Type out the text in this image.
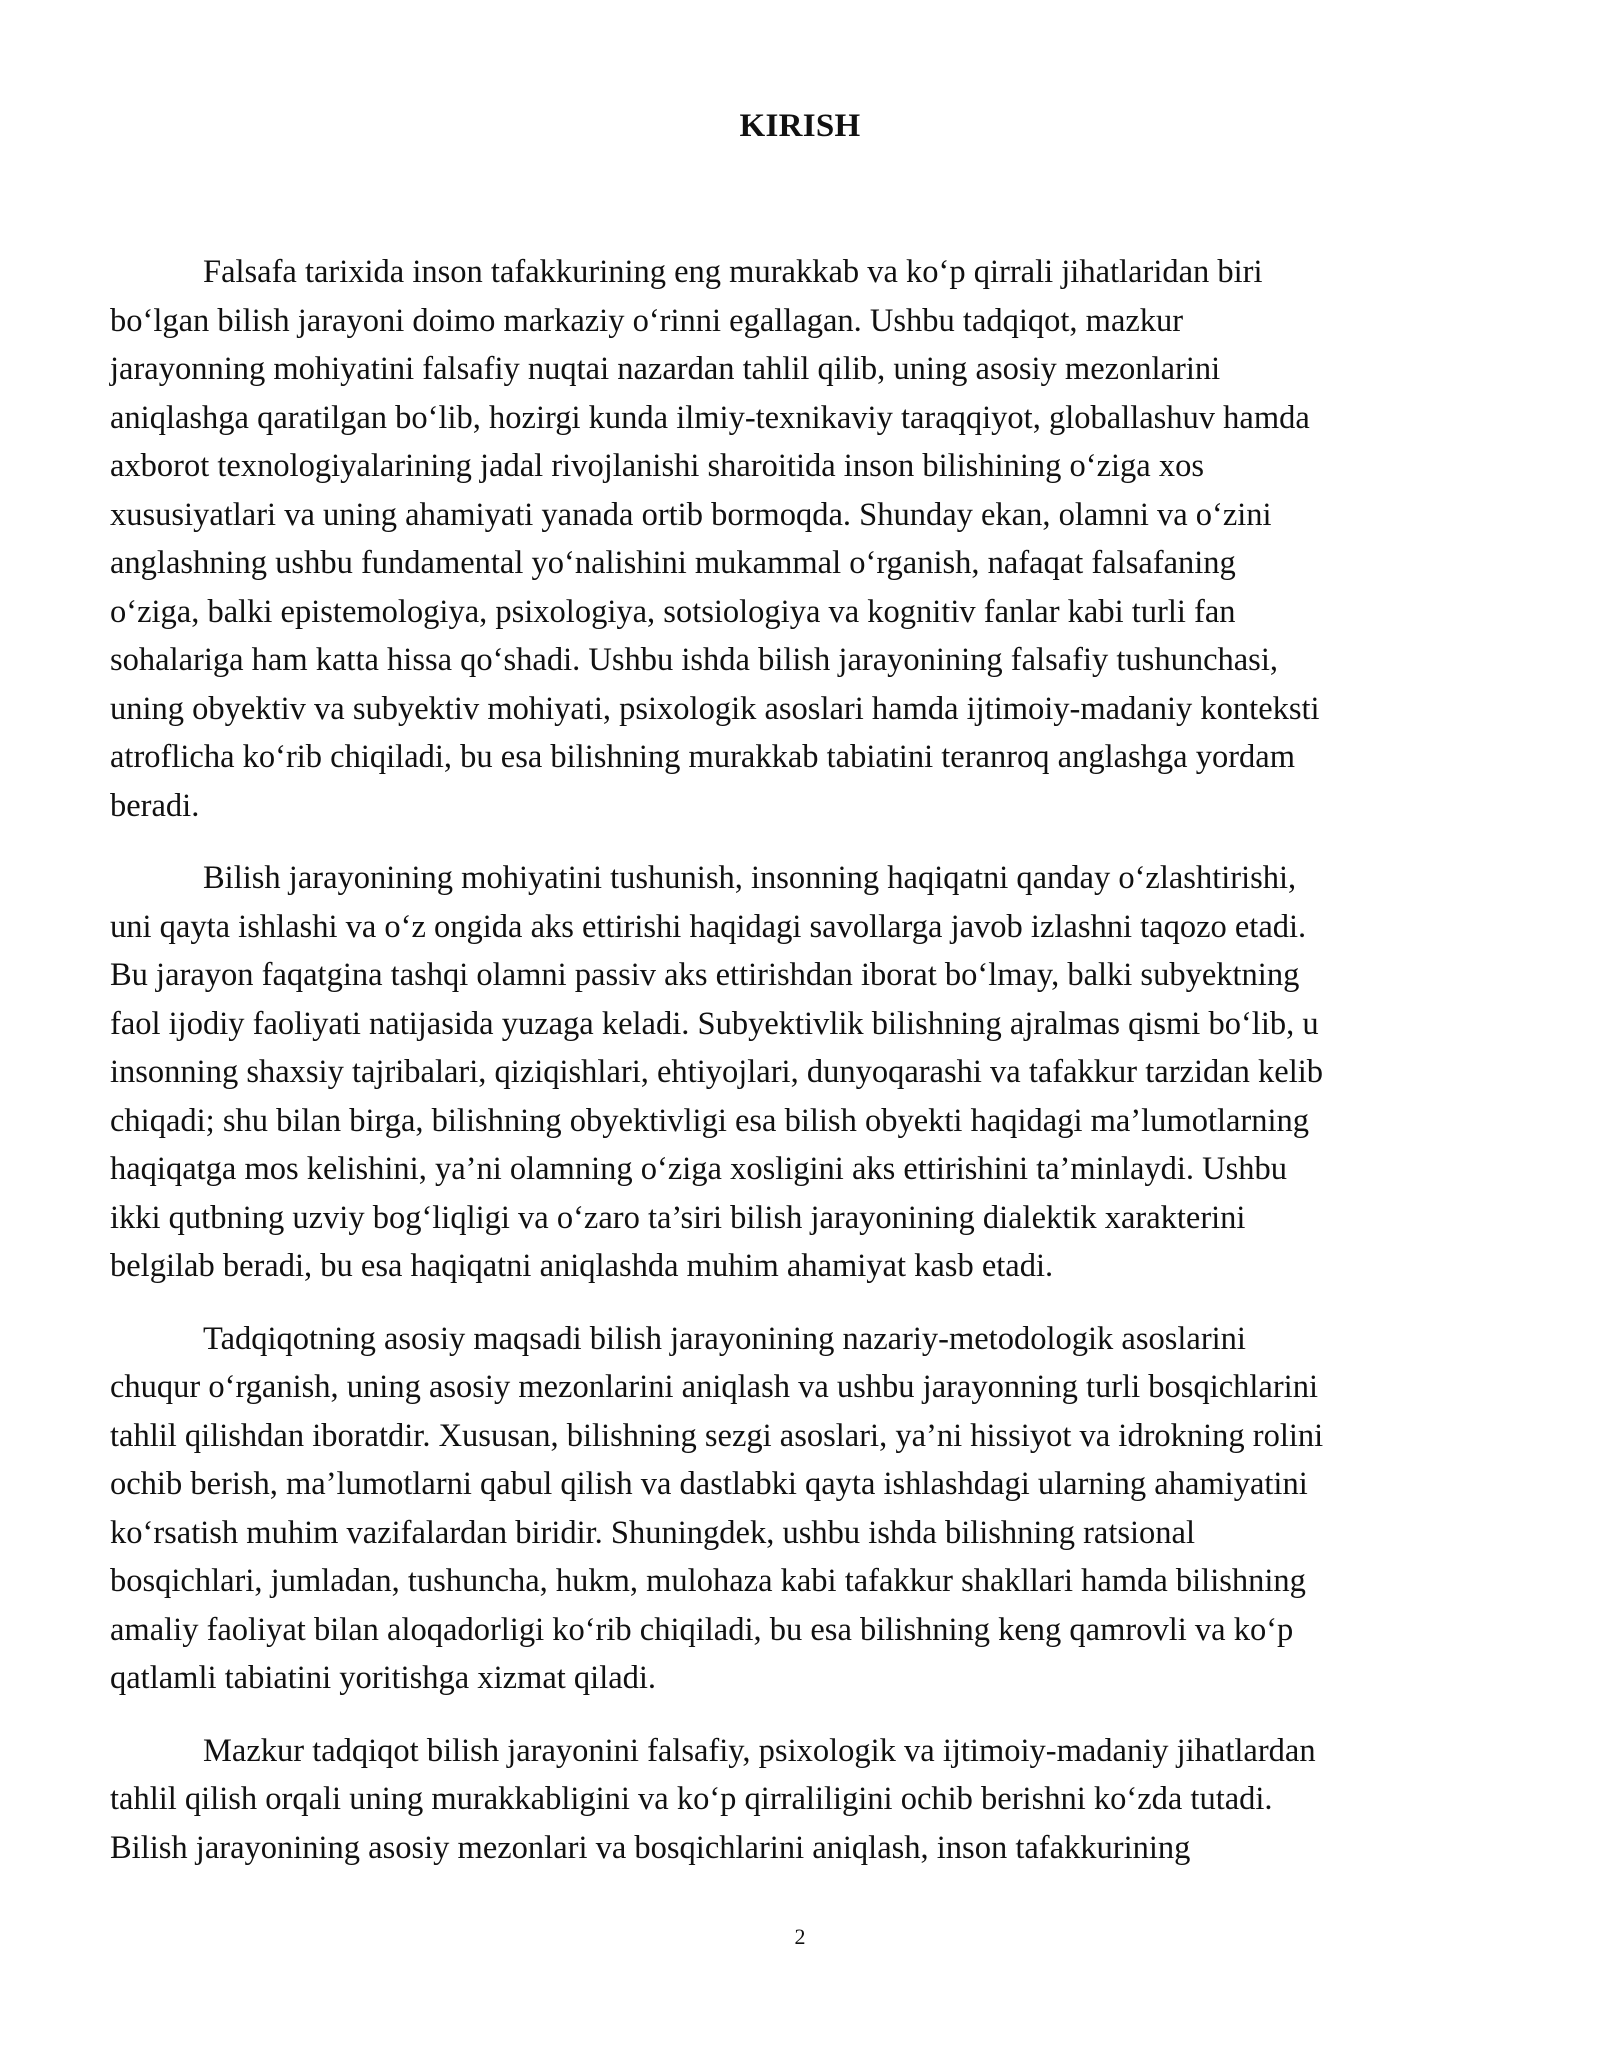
KIRISH

Falsafa tarixida inson tafakkurining eng murakkab va ko‘p qirrali jihatlaridan biri
bo‘lgan bilish jarayoni doimo markaziy o‘rinni egallagan. Ushbu tadqiqot, mazkur
jarayonning mohiyatini falsafiy nuqtai nazardan tahlil qilib, uning asosiy mezonlarini
aniqlashga qaratilgan bo‘lib, hozirgi kunda ilmiy-texnikaviy taraqqiyot, globallashuv hamda
axborot texnologiyalarining jadal rivojlanishi sharoitida inson bilishining o‘ziga xos
xususiyatlari va uning ahamiyati yanada ortib bormoqda. Shunday ekan, olamni va o‘zini
anglashning ushbu fundamental yo‘nalishini mukammal o‘rganish, nafaqat falsafaning
o‘ziga, balki epistemologiya, psixologiya, sotsiologiya va kognitiv fanlar kabi turli fan
sohalariga ham katta hissa qo‘shadi. Ushbu ishda bilish jarayonining falsafiy tushunchasi,
uning obyektiv va subyektiv mohiyati, psixologik asoslari hamda ijtimoiy-madaniy konteksti
atroflicha ko‘rib chiqiladi, bu esa bilishning murakkab tabiatini teranroq anglashga yordam
beradi.

Bilish jarayonining mohiyatini tushunish, insonning haqiqatni qanday o‘zlashtirishi,
uni qayta ishlashi va o‘z ongida aks ettirishi haqidagi savollarga javob izlashni taqozo etadi.
Bu jarayon faqatgina tashqi olamni passiv aks ettirishdan iborat bo‘lmay, balki subyektning
faol ijodiy faoliyati natijasida yuzaga keladi. Subyektivlik bilishning ajralmas qismi bo‘lib, u
insonning shaxsiy tajribalari, qiziqishlari, ehtiyojlari, dunyoqarashi va tafakkur tarzidan kelib
chiqadi; shu bilan birga, bilishning obyektivligi esa bilish obyekti haqidagi ma’lumotlarning
haqiqatga mos kelishini, ya’ni olamning o‘ziga xosligini aks ettirishini ta’minlaydi. Ushbu
ikki qutbning uzviy bog‘liqligi va o‘zaro ta’siri bilish jarayonining dialektik xarakterini
belgilab beradi, bu esa haqiqatni aniqlashda muhim ahamiyat kasb etadi.

Tadqiqotning asosiy maqsadi bilish jarayonining nazariy-metodologik asoslarini
chuqur o‘rganish, uning asosiy mezonlarini aniqlash va ushbu jarayonning turli bosqichlarini
tahlil qilishdan iboratdir. Xususan, bilishning sezgi asoslari, ya’ni hissiyot va idrokning rolini
ochib berish, ma’lumotlarni qabul qilish va dastlabki qayta ishlashdagi ularning ahamiyatini
ko‘rsatish muhim vazifalardan biridir. Shuningdek, ushbu ishda bilishning ratsional
bosqichlari, jumladan, tushuncha, hukm, mulohaza kabi tafakkur shakllari hamda bilishning
amaliy faoliyat bilan aloqadorligi ko‘rib chiqiladi, bu esa bilishning keng qamrovli va ko‘p
qatlamli tabiatini yoritishga xizmat qiladi.

Mazkur tadqiqot bilish jarayonini falsafiy, psixologik va ijtimoiy-madaniy jihatlardan
tahlil qilish orqali uning murakkabligini va ko‘p qirraliligini ochib berishni ko‘zda tutadi.
Bilish jarayonining asosiy mezonlari va bosqichlarini aniqlash, inson tafakkurining

2
